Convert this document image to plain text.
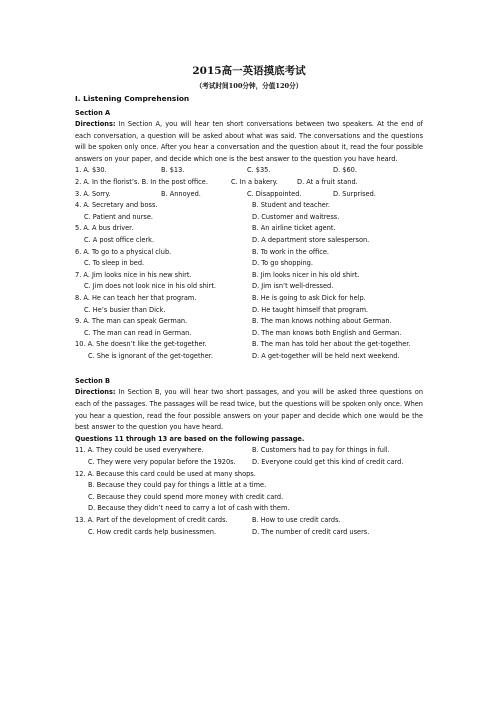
2015高一英语摸底考试
（考试时间100分钟，分值120分）
I. Listening Comprehension
Section A
Directions: In Section A, you will hear ten short conversations between two speakers. At the end of each conversation, a question will be asked about what was said. The conversations and the questions will be spoken only once. After you hear a conversation and the question about it, read the four possible answers on your paper, and decide which one is the best answer to the question you have heard.
1. A. $30.	B. $13.	C. $35.	D. $60.
2. A. In the florist’s. B. In the post office.	C. In a bakery.	D. At a fruit stand.
3. A. Sorry.	B. Annoyed.	C. Disappointed.	D. Surprised.
4. A. Secretary and boss.	B. Student and teacher.
C. Patient and nurse.	D. Customer and waitress.
5. A. A bus driver.	B. An airline ticket agent.
C. A post office clerk.	D. A department store salesperson.
6. A. To go to a physical club.	B. To work in the office.
C. To sleep in bed.	D. To go shopping.
7. A. Jim looks nice in his new shirt.	B. Jim looks nicer in his old shirt.
C. Jim does not look nice in his old shirt.	D. Jim isn’t well-dressed.
8. A. He can teach her that program.	B. He is going to ask Dick for help.
C. He’s busier than Dick.	D. He taught himself that program.
9. A. The man can speak German.	B. The man knows nothing about German.
C. The man can read in German.	D. The man knows both English and German.
10. A. She doesn’t like the get-together.	B. The man has told her about the get-together.
C. She is ignorant of the get-together.	D. A get-together will be held next weekend.
Section B
Directions: In Section B, you will hear two short passages, and you will be asked three questions on each of the passages. The passages will be read twice, but the questions will be spoken only once. When you hear a question, read the four possible answers on your paper and decide which one would be the best answer to the question you have heard.
Questions 11 through 13 are based on the following passage.
11. A. They could be used everywhere.	B. Customers had to pay for things in full.
C. They were very popular before the 1920s.	D. Everyone could get this kind of credit card.
12. A. Because this card could be used at many shops.
B. Because they could pay for things a little at a time.
C. Because they could spend more money with credit card.
D. Because they didn’t need to carry a lot of cash with them.
13. A. Part of the development of credit cards.	B. How to use credit cards.
C. How credit cards help businessmen.	D. The number of credit card users.
